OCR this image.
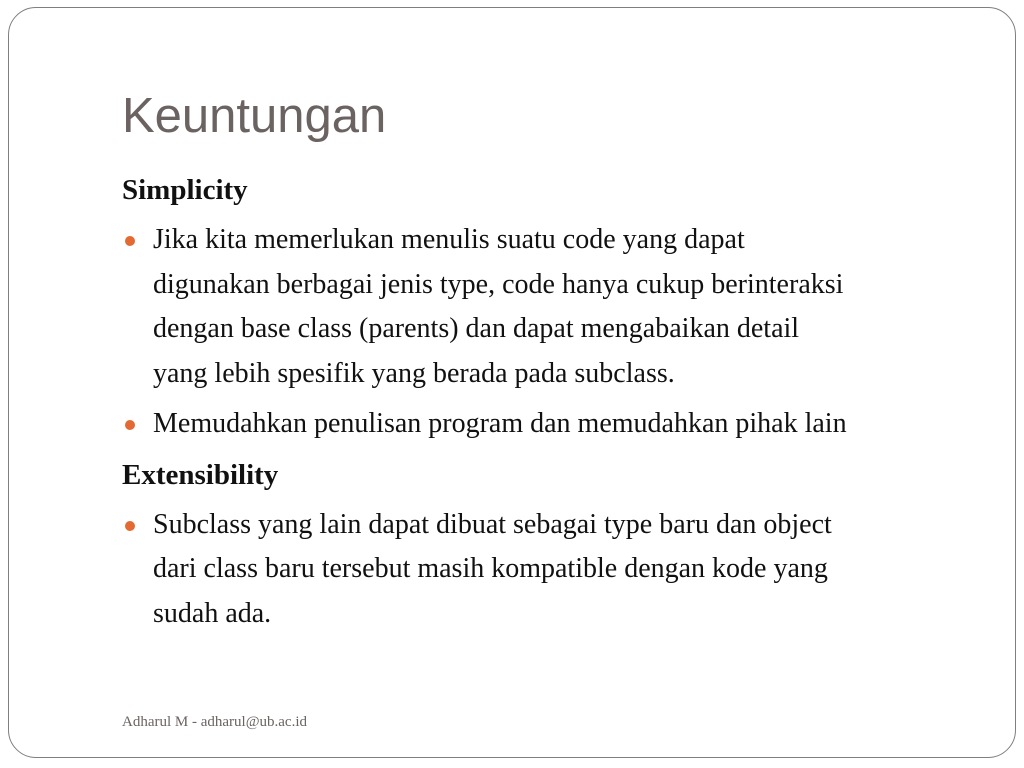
Keuntungan
Simplicity
Jika kita memerlukan menulis suatu code yang dapat
digunakan berbagai jenis type, code hanya cukup berinteraksi
dengan base class (parents) dan dapat mengabaikan detail
yang lebih spesifik yang berada pada subclass.
Memudahkan penulisan program dan memudahkan pihak lain
Extensibility
Subclass yang lain dapat dibuat sebagai type baru dan object
dari class baru tersebut masih kompatible dengan kode yang
sudah ada.
Adharul M - adharul@ub.ac.id
